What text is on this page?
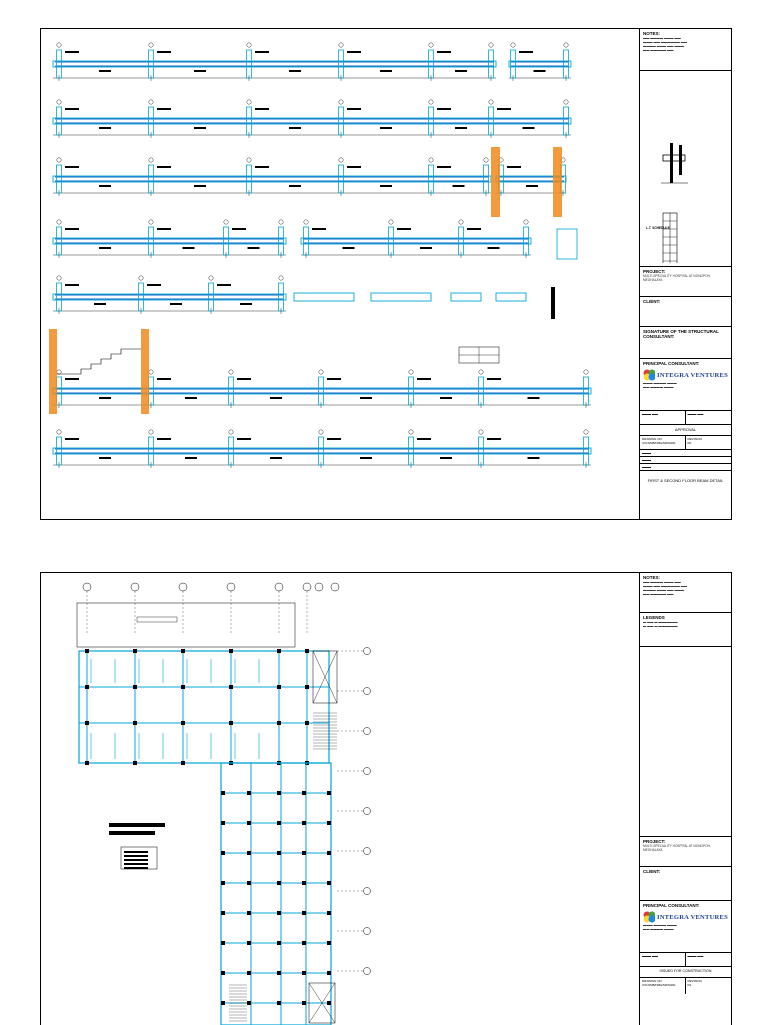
NOTES:
▬▬ ▬▬▬▬ ▬▬▬ ▬▬
▬▬▬ ▬▬ ▬▬▬▬▬▬ ▬▬
▬▬▬▬ ▬▬▬ ▬▬ ▬▬▬
▬▬ ▬▬▬▬▬ ▬▬
L.T. SCHEDULE
PROJECT:
MULTI-SPECIALITY HOSPITAL AT NONGPOH, MEGHALAYA
CLIENT:
SIGNATURE OF THE STRUCTURAL CONSULTANT:
PRINCIPAL CONSULTANT:
INTEGRA VENTURES
▬▬▬ ▬▬▬▬ ▬▬▬
▬▬ ▬▬▬▬ ▬▬▬
▬▬▬ ▬▬	▬▬▬ ▬▬
APPROVAL
DRAWING NO.
IV/COMB/NMH/MDS/001
REVISION
R0
▬▬▬
▬▬▬
▬▬▬
FIRST & SECOND FLOOR BEAM DETAIL
NOTES:
▬▬ ▬▬▬▬ ▬▬▬ ▬▬
▬▬▬ ▬▬ ▬▬▬▬▬▬ ▬▬
▬▬▬▬ ▬▬▬ ▬▬ ▬▬▬
▬▬ ▬▬▬▬▬ ▬▬
LEGENDS
▬ ▬▬ ▬ ▬▬▬▬▬▬
▬ ▬▬ ▬ ▬▬▬▬▬▬
PROJECT:
MULTI-SPECIALITY HOSPITAL AT NONGPOH, MEGHALAYA
CLIENT:
PRINCIPAL CONSULTANT:
INTEGRA VENTURES
▬▬▬ ▬▬▬▬ ▬▬▬
▬▬ ▬▬▬▬ ▬▬▬
▬▬▬ ▬▬	▬▬▬ ▬▬
ISSUED FOR CONSTRUCTION
DRAWING NO.
IV/COMB/NMH/MDS/001
REVISION
R1
